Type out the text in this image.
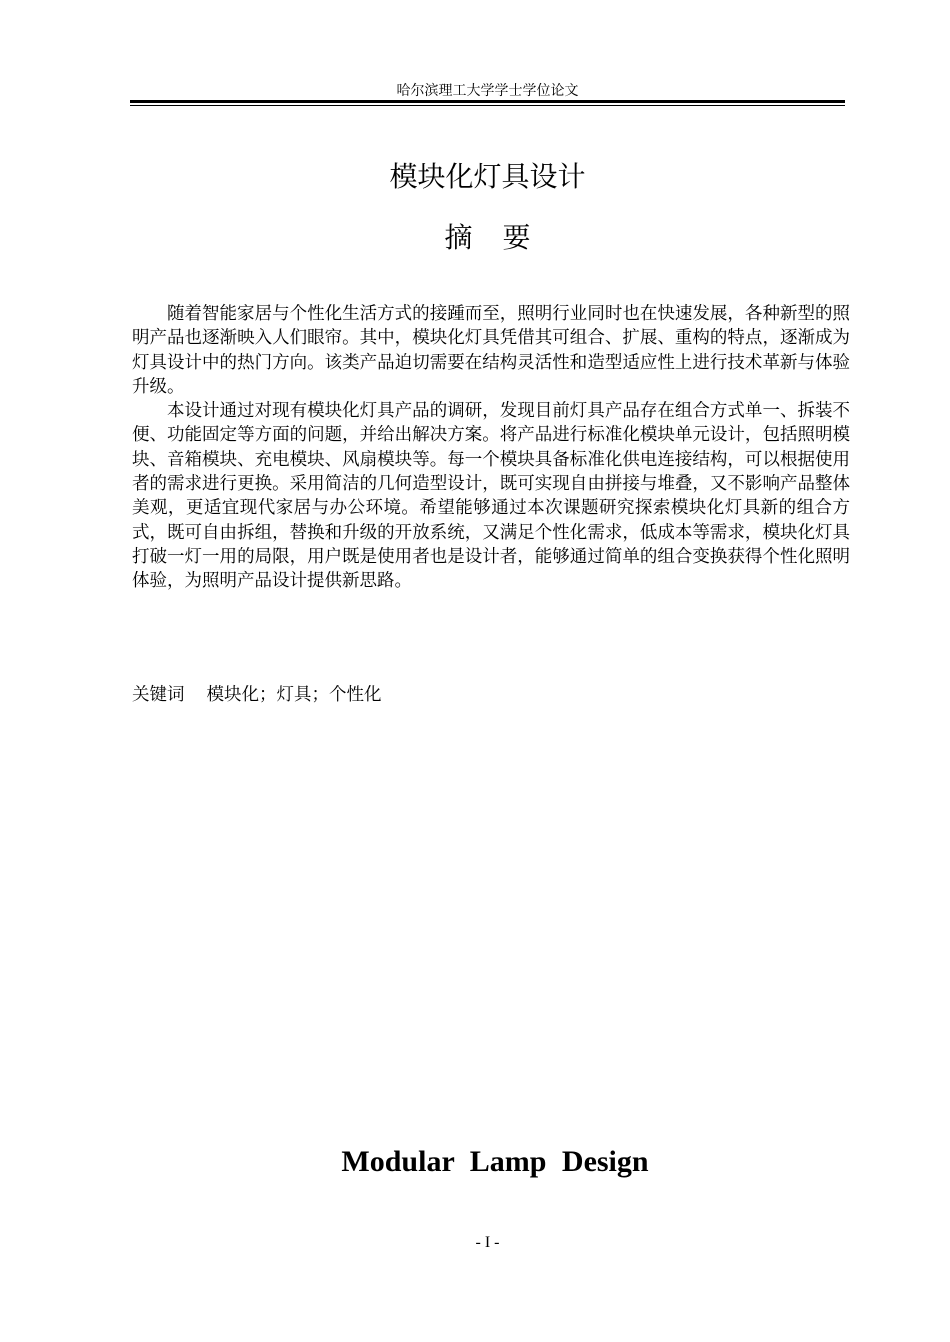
哈尔滨理工大学学士学位论文
模块化灯具设计
摘要

随着智能家居与个性化生活方式的接踵而至，照明行业同时也在快速发展，各种新型的照明产品也逐渐映入人们眼帘。其中，模块化灯具凭借其可组合、扩展、重构的特点，逐渐成为灯具设计中的热门方向。该类产品迫切需要在结构灵活性和造型适应性上进行技术革新与体验升级。

本设计通过对现有模块化灯具产品的调研，发现目前灯具产品存在组合方式单一、拆装不便、功能固定等方面的问题，并给出解决方案。将产品进行标准化模块单元设计，包括照明模块、音箱模块、充电模块、风扇模块等。每一个模块具备标准化供电连接结构，可以根据使用者的需求进行更换。采用简洁的几何造型设计，既可实现自由拼接与堆叠，又不影响产品整体美观，更适宜现代家居与办公环境。希望能够通过本次课题研究探索模块化灯具新的组合方式，既可自由拆组，替换和升级的开放系统，又满足个性化需求，低成本等需求，模块化灯具打破一灯一用的局限，用户既是使用者也是设计者，能够通过简单的组合变换获得个性化照明体验，为照明产品设计提供新思路。

关键词 模块化；灯具；个性化
Modular Lamp Design
- I -
